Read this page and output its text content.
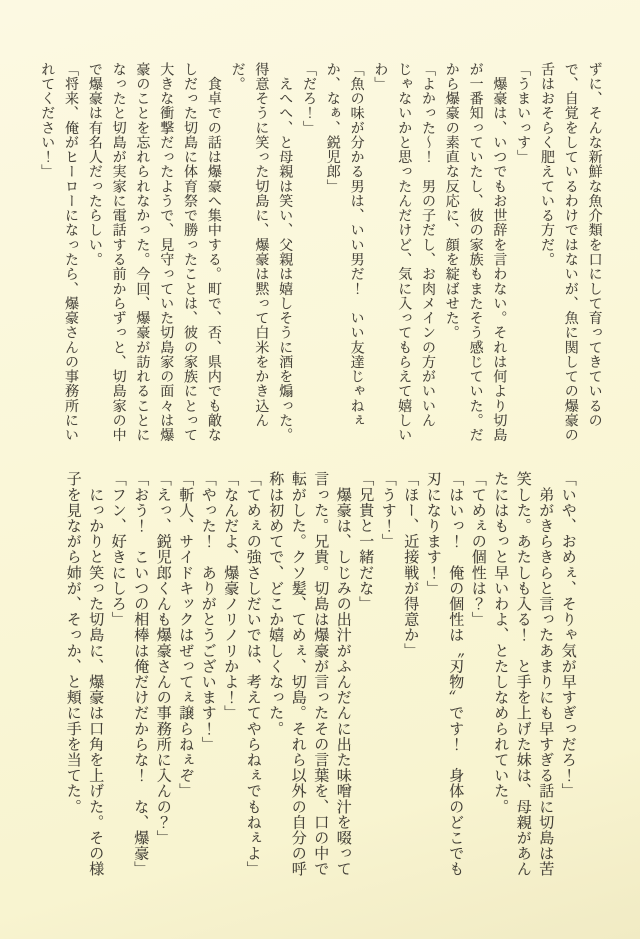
ずに、そんな新鮮な魚介類を口にして育ってきているので、自覚をしているわけではないが、魚に関しての爆豪の舌はおそらく肥えている方だ。

「うまいっす」

　爆豪は、いつでもお世辞を言わない。それは何より切島が一番知っていたし、彼の家族もまたそう感じていた。だから爆豪の素直な反応に、顔を綻ばせた。

「よかった〜！　男の子だし、お肉メインの方がいいんじゃないかと思ったんだけど、気に入ってもらえて嬉しいわ」

「魚の味が分かる男は、いい男だ！　いい友達じゃねぇか、なぁ、鋭児郎」

「だろ！」

　えへへ、と母親は笑い、父親は嬉しそうに酒を煽った。得意そうに笑った切島に、爆豪は黙って白米をかき込んだ。

　食卓での話は爆豪へ集中する。町で、否、県内でも敵なしだった切島に体育祭で勝ったことは、彼の家族にとって大きな衝撃だったようで、見守っていた切島家の面々は爆豪のことを忘れられなかった。今回、爆豪が訪れることになったと切島が実家に電話する前からずっと、切島家の中で爆豪は有名人だったらしい。

「将来、俺がヒーローになったら、爆豪さんの事務所にいれてください！」

「いや、おめぇ、そりゃ気が早すぎっだろ！」

　弟がきらきらと言ったあまりにも早すぎる話に切島は苦笑した。あたしも入る！　と手を上げた妹は、母親があんたにはもっと早いわよ、とたしなめられていた。

「てめぇの個性は？」

「はいっ！　俺の個性は〝刃物〟です！　身体のどこでも刃になります！」

「ほー、近接戦が得意か」

「うす！」

「兄貴と一緒だな」

　爆豪は、しじみの出汁がふんだんに出た味噌汁を啜って言った。兄貴。切島は爆豪が言ったその言葉を、口の中で転がした。クソ髪、てめぇ、切島。それら以外の自分の呼称は初めてで、どこか嬉しくなった。

「てめぇの強さしだいでは、考えてやらねぇでもねぇよ」

「なんだよ、爆豪ノリノリかよ！」

「やった！　ありがとうございます！」

「斬人、サイドキックはぜってぇ譲らねぇぞ」

「えっ、鋭児郎くんも爆豪さんの事務所に入んの？」

「おう！　こいつの相棒は俺だけだからな！　な、爆豪」

「フン、好きにしろ」

　にっかりと笑った切島に、爆豪は口角を上げた。その様子を見ながら姉が、そっか、と頬に手を当てた。
